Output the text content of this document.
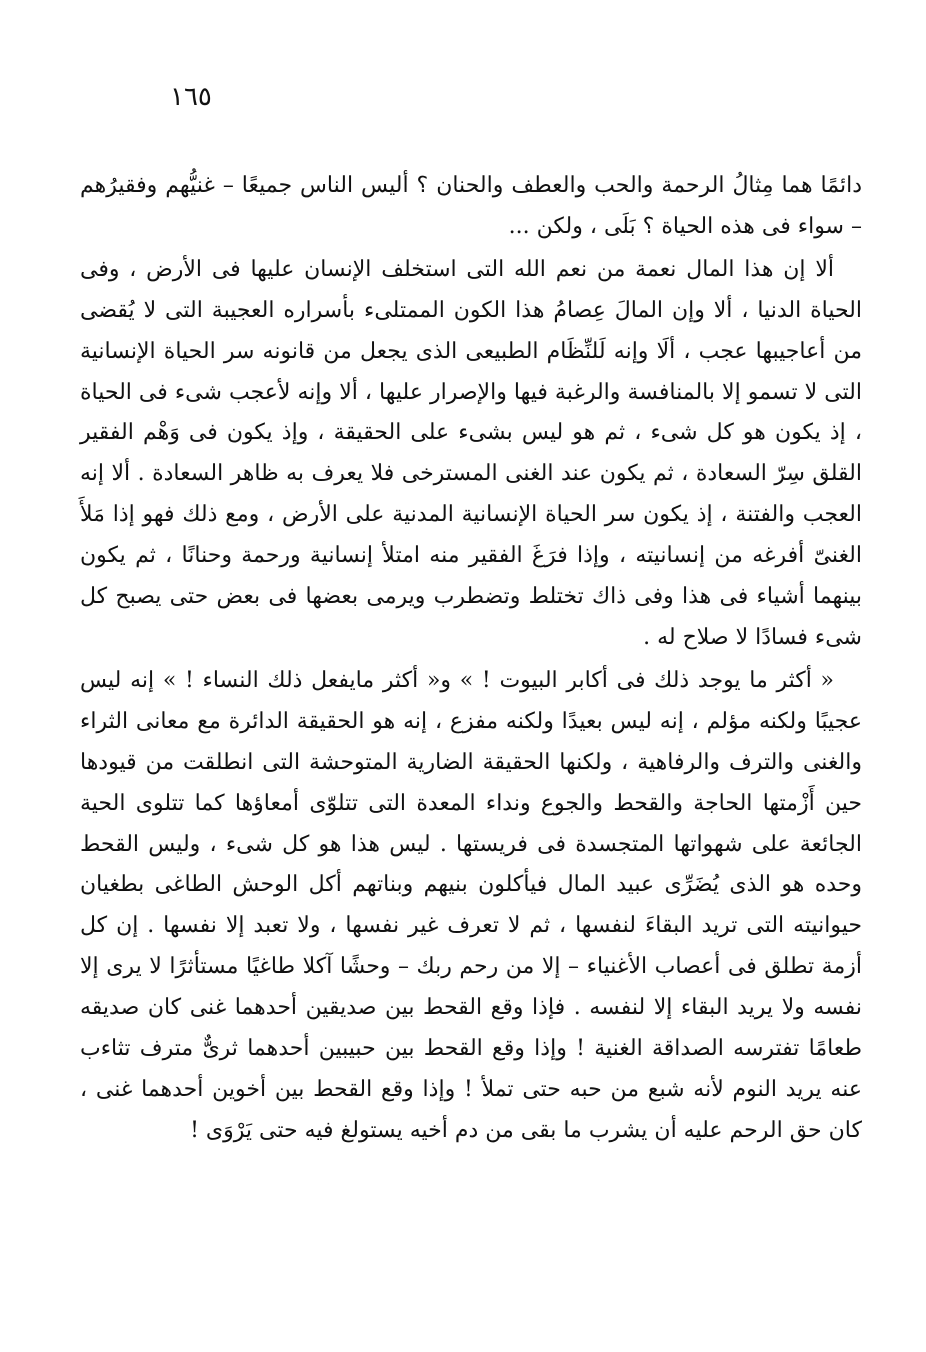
١٦٥

دائمًا هما مِثالُ الرحمة والحب والعطف والحنان ؟ أليس الناس جميعًا – غنيُّهم وفقيرُهم – سواء فى هذه الحياة ؟ بَلَى ، ولكن ...

ألا إن هذا المال نعمة من نعم الله التى استخلف الإنسان عليها فى الأرض ، وفى الحياة الدنيا ، ألا وإن المالَ عِصامُ هذا الكون الممتلىء بأسراره العجيبة التى لا يُقضى من أعاجيبها عجب ، ألَا وإنه لَلنِّظَام الطبيعى الذى يجعل من قانونه سر الحياة الإنسانية التى لا تسمو إلا بالمنافسة والرغبة فيها والإصرار عليها ، ألا وإنه لأعجب شىء فى الحياة ، إذ يكون هو كل شىء ، ثم هو ليس بشىء على الحقيقة ، وإذ يكون فى وَهْم الفقير القلق سِرّ السعادة ، ثم يكون عند الغنى المسترخى فلا يعرف به ظاهر السعادة . ألا إنه العجب والفتنة ، إذ يكون سر الحياة الإنسانية المدنية على الأرض ، ومع ذلك فهو إذا مَلأَ الغنىّ أفرغه من إنسانيته ، وإذا فرَغَ الفقير منه امتلأ إنسانية ورحمة وحنانًا ، ثم يكون بينهما أشياء فى هذا وفى ذاك تختلط وتضطرب ويرمى بعضها فى بعض حتى يصبح كل شىء فسادًا لا صلاح له .

« أكثر ما يوجد ذلك فى أكابر البيوت ! » و« أكثر مايفعل ذلك النساء ! » إنه ليس عجيبًا ولكنه مؤلم ، إنه ليس بعيدًا ولكنه مفزع ، إنه هو الحقيقة الدائرة مع معانى الثراء والغنى والترف والرفاهية ، ولكنها الحقيقة الضارية المتوحشة التى انطلقت من قيودها حين أَزْمتها الحاجة والقحط والجوع ونداء المعدة التى تتلوّى أمعاؤها كما تتلوى الحية الجائعة على شهواتها المتجسدة فى فريستها . ليس هذا هو كل شىء ، وليس القحط وحده هو الذى يُضَرِّى عبيد المال فيأكلون بنيهم وبناتهم أكل الوحش الطاغى بطغيان حيوانيته التى تريد البقاءَ لنفسها ، ثم لا تعرف غير نفسها ، ولا تعبد إلا نفسها . إن كل أزمة تطلق فى أعصاب الأغنياء – إلا من رحم ربك – وحشًا آكلا طاغيًا مستأثرًا لا يرى إلا نفسه ولا يريد البقاء إلا لنفسه . فإذا وقع القحط بين صديقين أحدهما غنى كان صديقه طعامًا تفترسه الصداقة الغنية ! وإذا وقع القحط بين حبيبين أحدهما ثرىٌّ مترف تثاءب عنه يريد النوم لأنه شبع من حبه حتى تملأ ! وإذا وقع القحط بين أخوين أحدهما غنى ، كان حق الرحم عليه أن يشرب ما بقى من دم أخيه يستولغ فيه حتى يَرْوَى !
